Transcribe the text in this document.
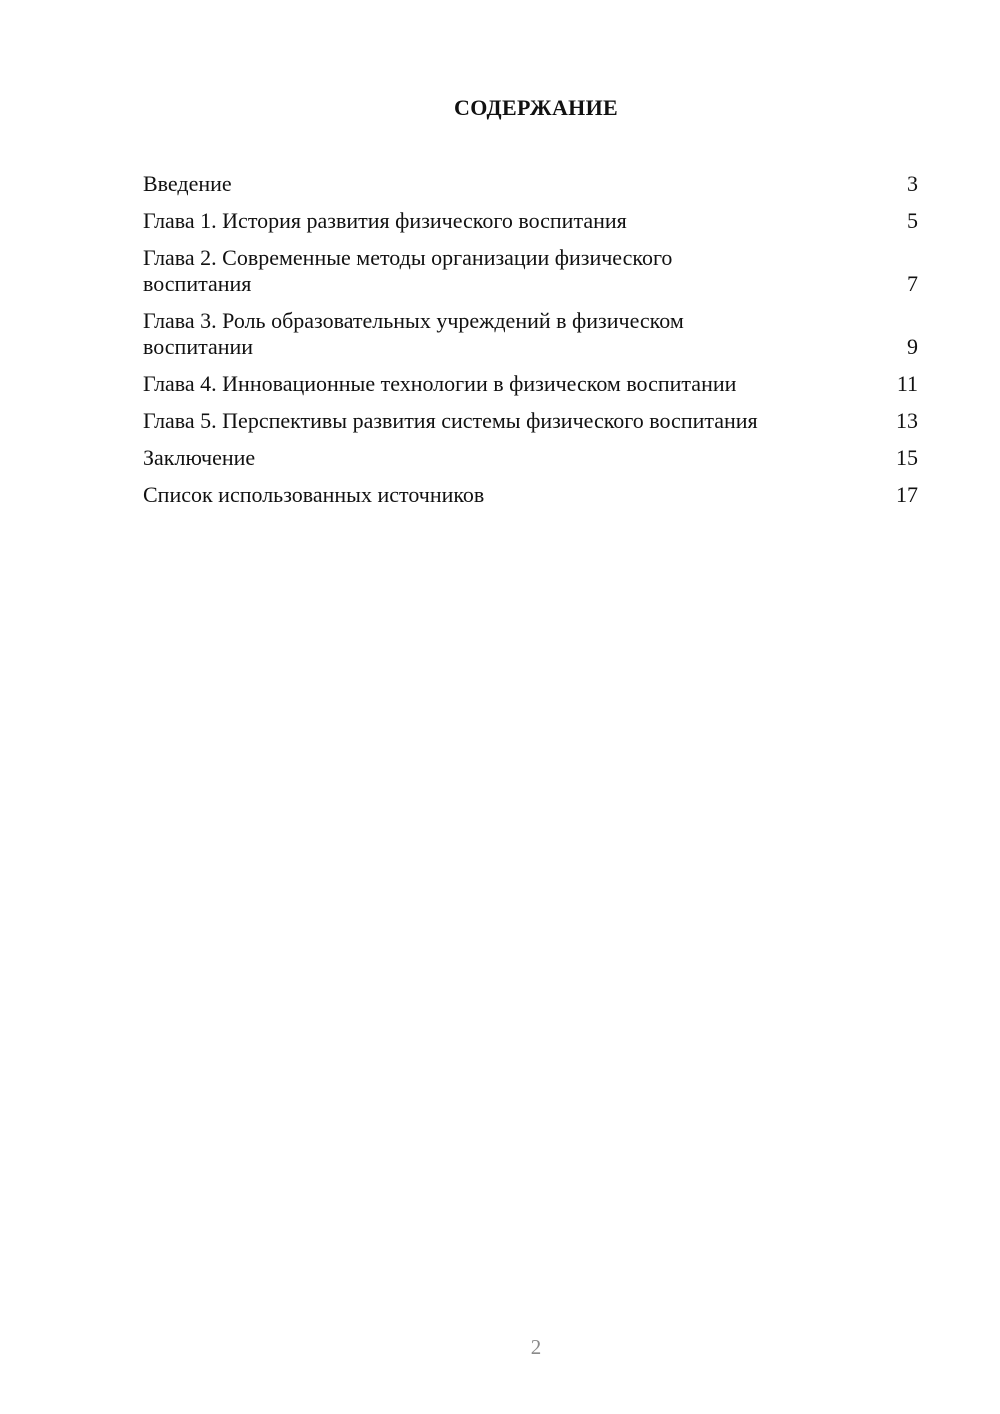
СОДЕРЖАНИЕ
Введение	3
Глава 1. История развития физического воспитания	5
Глава 2. Современные методы организации физического воспитания	7
Глава 3. Роль образовательных учреждений в физическом воспитании	9
Глава 4. Инновационные технологии в физическом воспитании	11
Глава 5. Перспективы развития системы физического воспитания	13
Заключение	15
Список использованных источников	17
2
